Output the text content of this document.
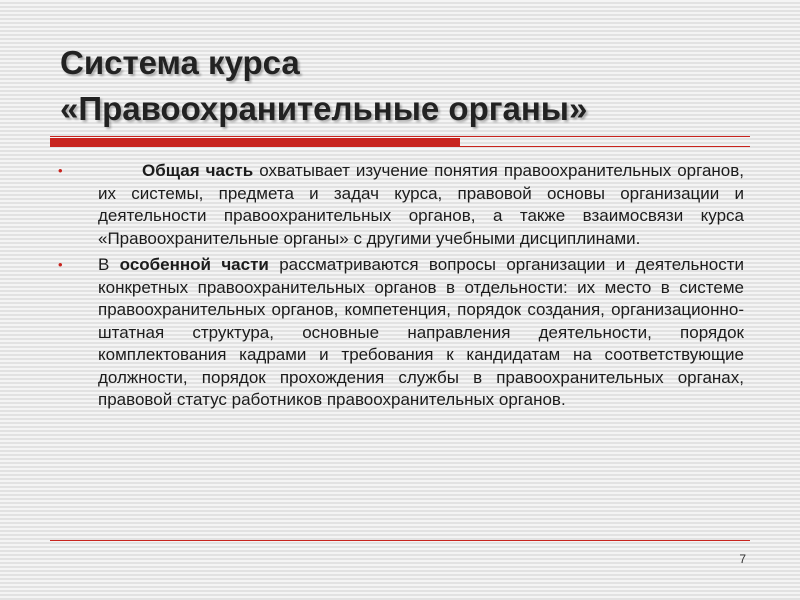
Система курса
«Правоохранительные органы»
•	Общая часть охватывает изучение понятия правоохранительных органов, их системы, предмета и задач курса, правовой основы организации и деятельности правоохранительных органов, а также взаимосвязи курса «Правоохранительные органы» с другими учебными дисциплинами.
• В особенной части рассматриваются вопросы организации и деятельности конкретных правоохранительных органов в отдельности: их место в системе правоохранительных органов, компетенция, порядок создания, организационно-штатная структура, основные направления деятельности, порядок комплектования кадрами и требования к кандидатам на соответствующие должности, порядок прохождения службы в правоохранительных органах, правовой статус работников правоохранительных органов.
7
